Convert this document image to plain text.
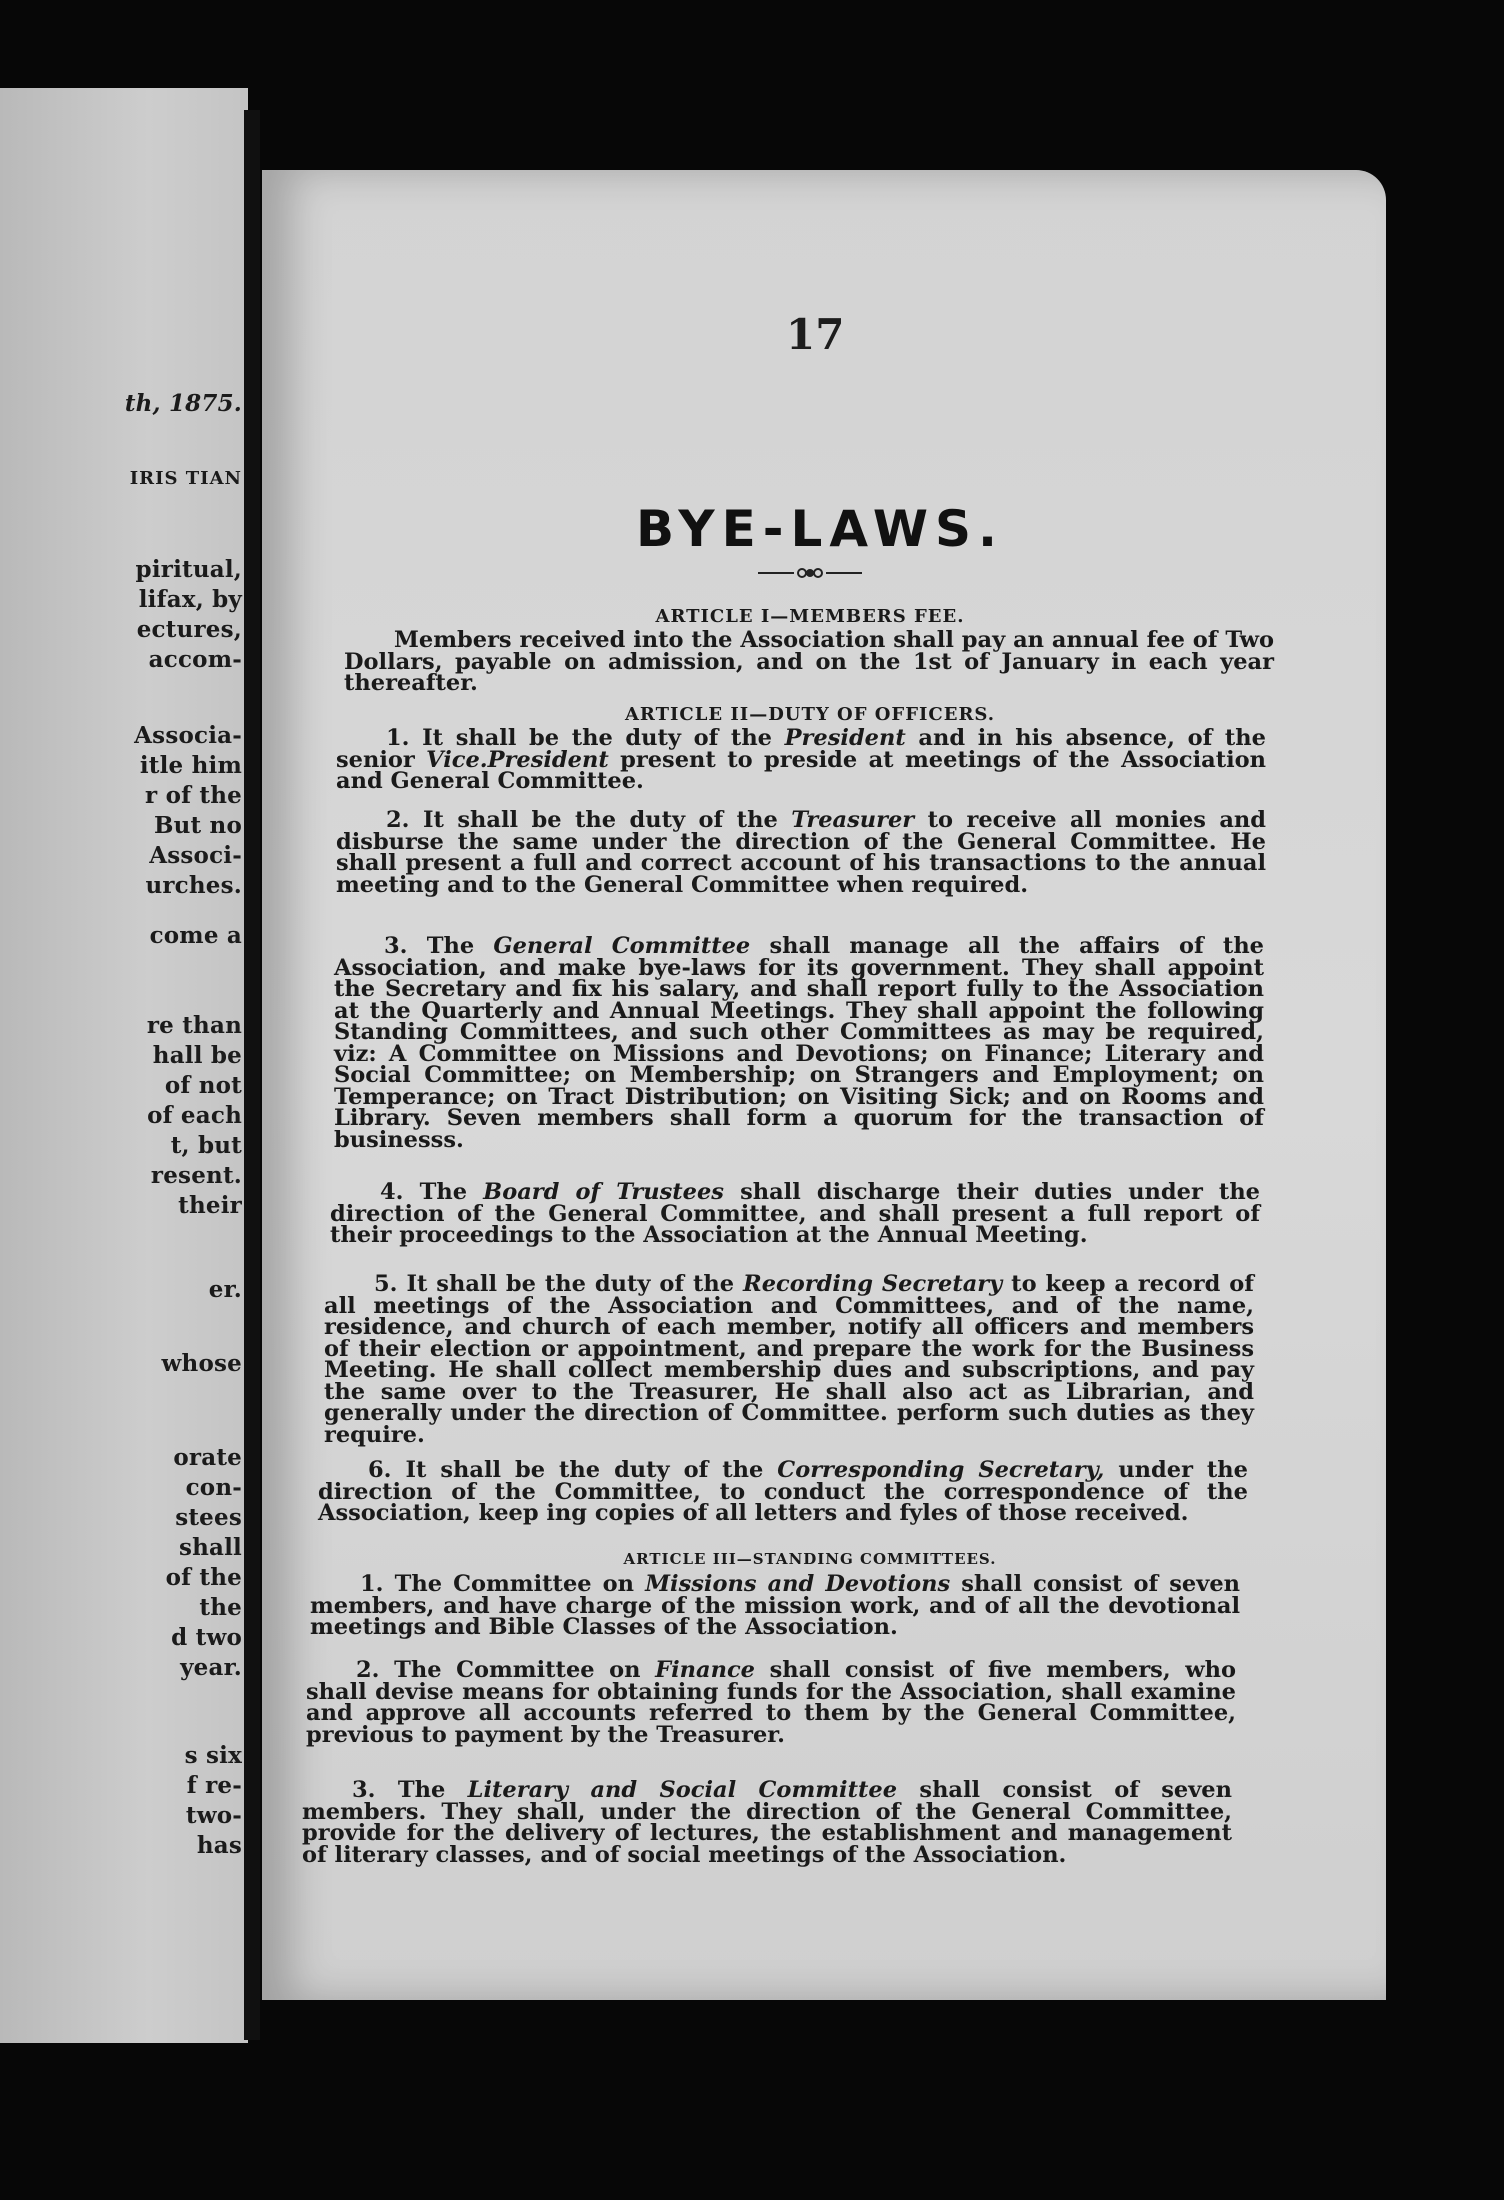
th, 1875.
IRIS TIAN
piritual,
lifax, by
ectures,
accom-
Associa-
itle him
r of the
But no
Associ-
urches.
come a
re than
hall be
of not
of each
t, but
resent.
their
er.
whose
orate
con-
stees
shall
of the
the
d two
year.
s six
f re-
two-
has
17
BYE-LAWS.
ARTICLE I—MEMBERS FEE.
Members received into the Association shall pay an annual fee of Two Dollars, payable on admission, and on the 1st of January in each year thereafter.
ARTICLE II—DUTY OF OFFICERS.
1. It shall be the duty of the President and in his absence, of the senior Vice.President present to preside at meetings of the Association and General Committee.
2. It shall be the duty of the Treasurer to receive all monies and disburse the same under the direction of the General Committee. He shall present a full and correct account of his transactions to the annual meeting and to the General Committee when required.
3. The General Committee shall manage all the affairs of the Association, and make bye-laws for its government. They shall appoint the Secretary and fix his salary, and shall report fully to the Association at the Quarterly and Annual Meetings. They shall appoint the following Standing Committees, and such other Committees as may be required, viz: A Committee on Missions and Devotions; on Finance; Literary and Social Committee; on Membership; on Strangers and Employment; on Temperance; on Tract Distribution; on Visiting Sick; and on Rooms and Library. Seven members shall form a quorum for the transaction of businesss.
4. The Board of Trustees shall discharge their duties under the direction of the General Committee, and shall present a full report of their proceedings to the Association at the Annual Meeting.
5. It shall be the duty of the Recording Secretary to keep a record of all meetings of the Association and Committees, and of the name, residence, and church of each member, notify all officers and members of their election or appointment, and prepare the work for the Business Meeting. He shall collect membership dues and subscriptions, and pay the same over to the Treasurer, He shall also act as Librarian, and generally under the direction of Committee. perform such duties as they require.
6. It shall be the duty of the Corresponding Secretary, under the direction of the Committee, to conduct the correspondence of the Association, keep ing copies of all letters and fyles of those received.
ARTICLE III—STANDING COMMITTEES.
1. The Committee on Missions and Devotions shall consist of seven members, and have charge of the mission work, and of all the devotional meetings and Bible Classes of the Association.
2. The Committee on Finance shall consist of five members, who shall devise means for obtaining funds for the Association, shall examine and approve all accounts referred to them by the General Committee, previous to payment by the Treasurer.
3. The Literary and Social Committee shall consist of seven members. They shall, under the direction of the General Committee, provide for the delivery of lectures, the establishment and management of literary classes, and of social meetings of the Association.
